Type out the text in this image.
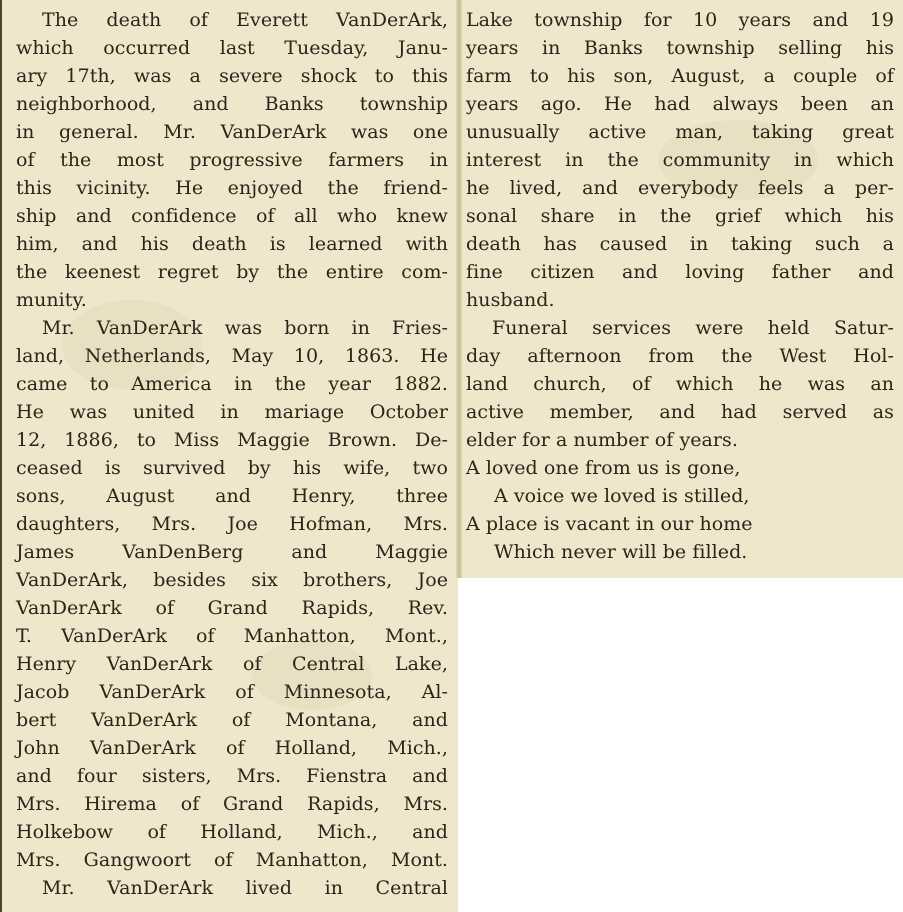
The death of Everett VanDerArk,
which occurred last Tuesday, Janu-
ary 17th, was a severe shock to this
neighborhood, and Banks township
in general. Mr. VanDerArk was one
of the most progressive farmers in
this vicinity. He enjoyed the friend-
ship and confidence of all who knew
him, and his death is learned with
the keenest regret by the entire com-
munity.
Mr. VanDerArk was born in Fries-
land, Netherlands, May 10, 1863. He
came to America in the year 1882.
He was united in mariage October
12, 1886, to Miss Maggie Brown. De-
ceased is survived by his wife, two
sons, August and Henry, three
daughters, Mrs. Joe Hofman, Mrs.
James VanDenBerg and Maggie
VanDerArk, besides six brothers, Joe
VanDerArk of Grand Rapids, Rev.
T. VanDerArk of Manhatton, Mont.,
Henry VanDerArk of Central Lake,
Jacob VanDerArk of Minnesota, Al-
bert VanDerArk of Montana, and
John VanDerArk of Holland, Mich.,
and four sisters, Mrs. Fienstra and
Mrs. Hirema of Grand Rapids, Mrs.
Holkebow of Holland, Mich., and
Mrs. Gangwoort of Manhatton, Mont.
Mr. VanDerArk lived in Central
Lake township for 10 years and 19
years in Banks township selling his
farm to his son, August, a couple of
years ago. He had always been an
unusually active man, taking great
interest in the community in which
he lived, and everybody feels a per-
sonal share in the grief which his
death has caused in taking such a
fine citizen and loving father and
husband.
Funeral services were held Satur-
day afternoon from the West Hol-
land church, of which he was an
active member, and had served as
elder for a number of years.
A loved one from us is gone,
A voice we loved is stilled,
A place is vacant in our home
Which never will be filled.
